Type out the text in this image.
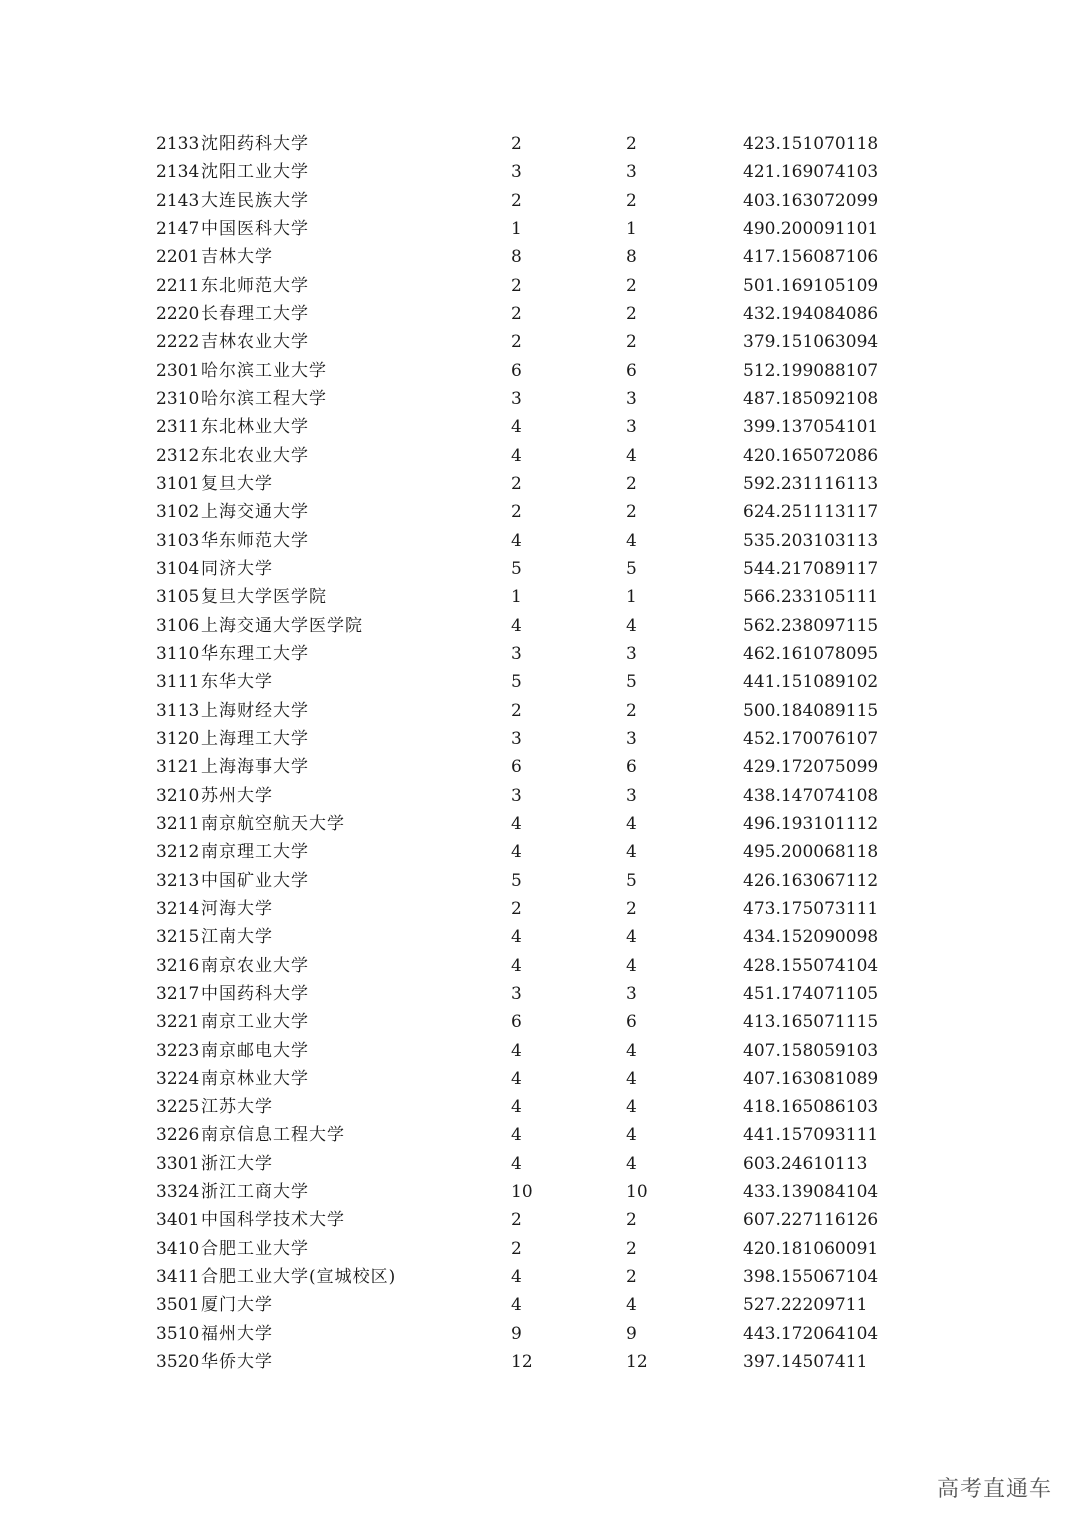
2133 沈阳药科大学	2	2	423.151070118
2134 沈阳工业大学	3	3	421.169074103
2143 大连民族大学	2	2	403.163072099
2147 中国医科大学	1	1	490.200091101
2201 吉林大学	8	8	417.156087106
2211 东北师范大学	2	2	501.169105109
2220 长春理工大学	2	2	432.194084086
2222 吉林农业大学	2	2	379.151063094
2301 哈尔滨工业大学	6	6	512.199088107
2310 哈尔滨工程大学	3	3	487.185092108
2311 东北林业大学	4	3	399.137054101
2312 东北农业大学	4	4	420.165072086
3101 复旦大学	2	2	592.231116113
3102 上海交通大学	2	2	624.251113117
3103 华东师范大学	4	4	535.203103113
3104 同济大学	5	5	544.217089117
3105 复旦大学医学院	1	1	566.233105111
3106 上海交通大学医学院	4	4	562.238097115
3110 华东理工大学	3	3	462.161078095
3111 东华大学	5	5	441.151089102
3113 上海财经大学	2	2	500.184089115
3120 上海理工大学	3	3	452.170076107
3121 上海海事大学	6	6	429.172075099
3210 苏州大学	3	3	438.147074108
3211 南京航空航天大学	4	4	496.193101112
3212 南京理工大学	4	4	495.200068118
3213 中国矿业大学	5	5	426.163067112
3214 河海大学	2	2	473.175073111
3215 江南大学	4	4	434.152090098
3216 南京农业大学	4	4	428.155074104
3217 中国药科大学	3	3	451.174071105
3221 南京工业大学	6	6	413.165071115
3223 南京邮电大学	4	4	407.158059103
3224 南京林业大学	4	4	407.163081089
3225 江苏大学	4	4	418.165086103
3226 南京信息工程大学	4	4	441.157093111
3301 浙江大学	4	4	603.24610113
3324 浙江工商大学	10	10	433.139084104
3401 中国科学技术大学	2	2	607.227116126
3410 合肥工业大学	2	2	420.181060091
3411 合肥工业大学(宣城校区)	4	2	398.155067104
3501 厦门大学	4	4	527.22209711
3510 福州大学	9	9	443.172064104
3520 华侨大学	12	12	397.14507411
高考直通车
